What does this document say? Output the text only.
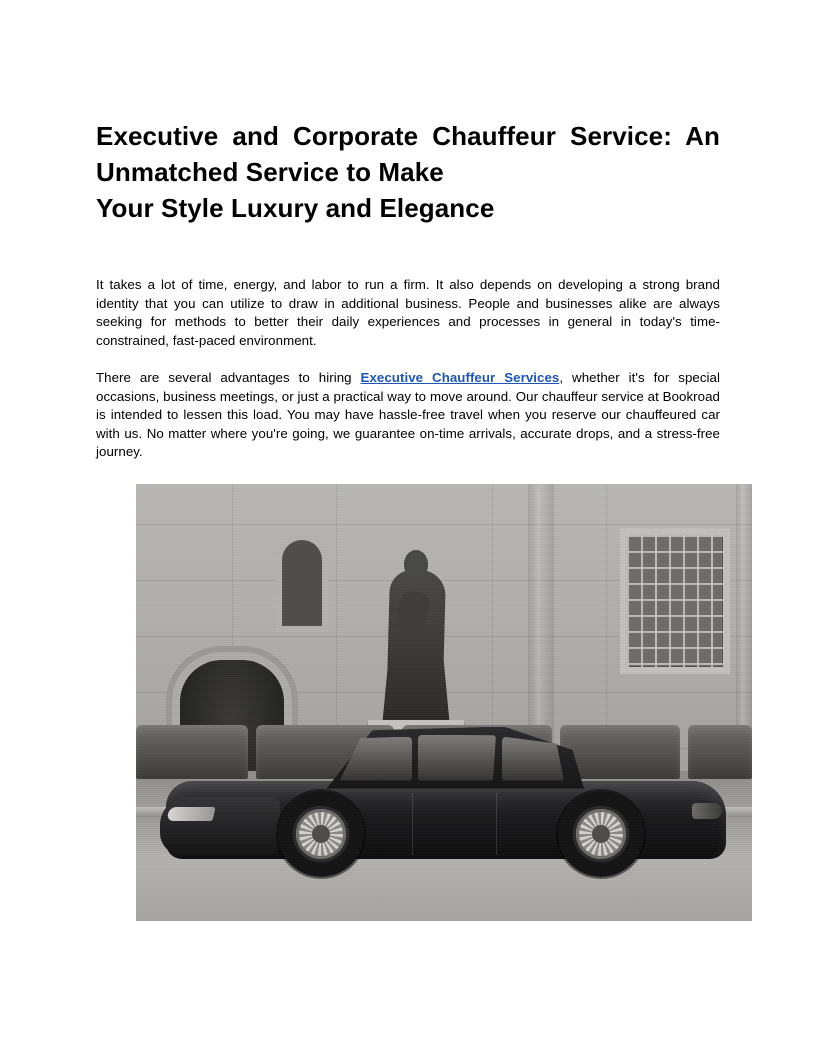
Executive and Corporate Chauffeur Service: An Unmatched Service to Make
Your Style Luxury and Elegance

It takes a lot of time, energy, and labor to run a firm. It also depends on developing a strong brand identity that you can utilize to draw in additional business. People and businesses alike are always seeking for methods to better their daily experiences and processes in general in today's time-constrained, fast-paced environment.

There are several advantages to hiring Executive Chauffeur Services, whether it's for special occasions, business meetings, or just a practical way to move around. Our chauffeur service at Bookroad is intended to lessen this load. You may have hassle-free travel when you reserve our chauffeured car with us. No matter where you're going, we guarantee on-time arrivals, accurate drops, and a stress-free journey.
